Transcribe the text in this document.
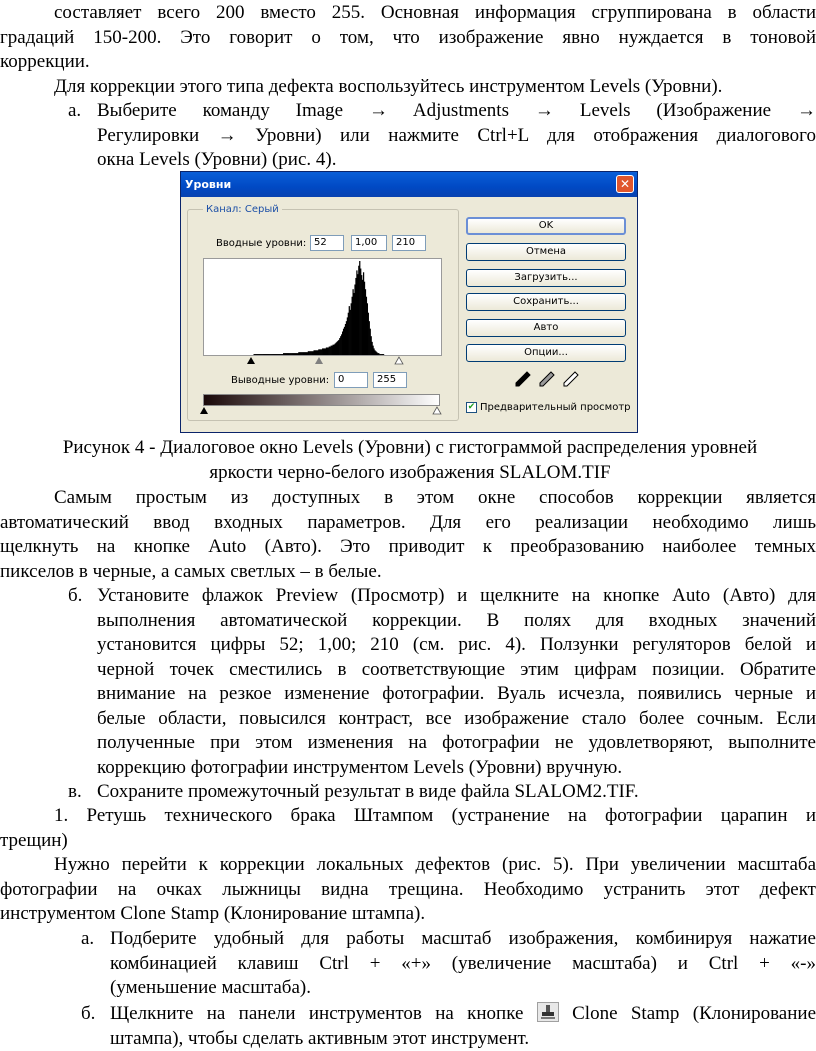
составляет всего 200 вместо 255. Основная информация сгруппирована в области
градаций 150-200. Это говорит о том, что изображение явно нуждается в тоновой
коррекции.
Для коррекции этого типа дефекта воспользуйтесь инструментом Levels (Уровни).
а. Выберите команду Image → Adjustments → Levels (Изображение →
Регулировки → Уровни) или нажмите Ctrl+L для отображения диалогового
окна Levels (Уровни) (рис. 4).
Уровни	✕
Канал: Серый
Вводные уровни: 52	1,00	210
Выводные уровни: 0	255
OK
Отмена
Загрузить...
Сохранить...
Авто
Опции...
✔ Предварительный просмотр
Рисунок 4 - Диалоговое окно Levels (Уровни) с гистограммой распределения уровней
яркости черно-белого изображения SLALOM.TIF
Самым простым из доступных в этом окне способов коррекции является
автоматический ввод входных параметров. Для его реализации необходимо лишь
щелкнуть на кнопке Auto (Авто). Это приводит к преобразованию наиболее темных
пикселов в черные, а самых светлых – в белые.
б. Установите флажок Preview (Просмотр) и щелкните на кнопке Auto (Авто) для
выполнения автоматической коррекции. В полях для входных значений
установится цифры 52; 1,00; 210 (см. рис. 4). Ползунки регуляторов белой и
черной точек сместились в соответствующие этим цифрам позиции. Обратите
внимание на резкое изменение фотографии. Вуаль исчезла, появились черные и
белые области, повысился контраст, все изображение стало более сочным. Если
полученные при этом изменения на фотографии не удовлетворяют, выполните
коррекцию фотографии инструментом Levels (Уровни) вручную.
в. Сохраните промежуточный результат в виде файла SLALOM2.TIF.
1. Ретушь технического брака Штампом (устранение на фотографии царапин и
трещин)
Нужно перейти к коррекции локальных дефектов (рис. 5). При увеличении масштаба
фотографии на очках лыжницы видна трещина. Необходимо устранить этот дефект
инструментом Clone Stamp (Клонирование штампа).
а. Подберите удобный для работы масштаб изображения, комбинируя нажатие
комбинацией клавиш Ctrl + «+» (увеличение масштаба) и Ctrl + «-»
(уменьшение масштаба).
б. Щелкните на панели инструментов на кнопке
Clone Stamp (Клонирование
штампа), чтобы сделать активным этот инструмент.
